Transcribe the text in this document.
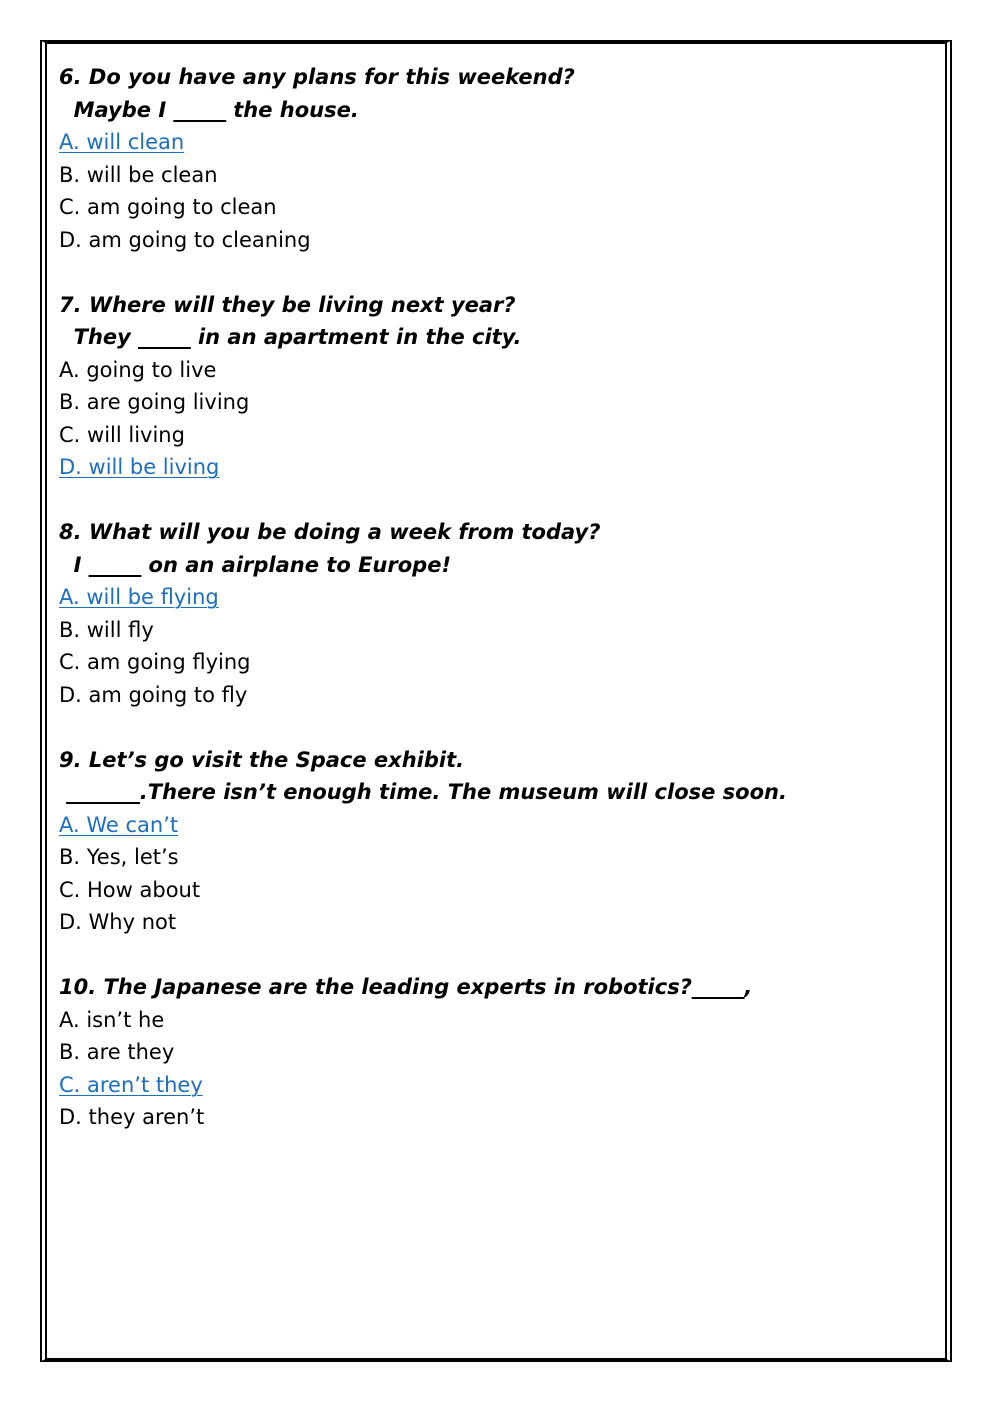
6. Do you have any plans for this weekend?
Maybe I _____ the house.
A. will clean
B. will be clean
C. am going to clean
D. am going to cleaning
7. Where will they be living next year?
They _____ in an apartment in the city.
A. going to live
B. are going living
C. will living
D. will be living
8. What will you be doing a week from today?
I _____ on an airplane to Europe!
A. will be flying
B. will fly
C. am going flying
D. am going to fly
9. Let’s go visit the Space exhibit.
_______.There isn’t enough time. The museum will close soon.
A. We can’t
B. Yes, let’s
C. How about
D. Why not
10. The Japanese are the leading experts in robotics?_____,
A. isn’t he
B. are they
C. aren’t they
D. they aren’t
